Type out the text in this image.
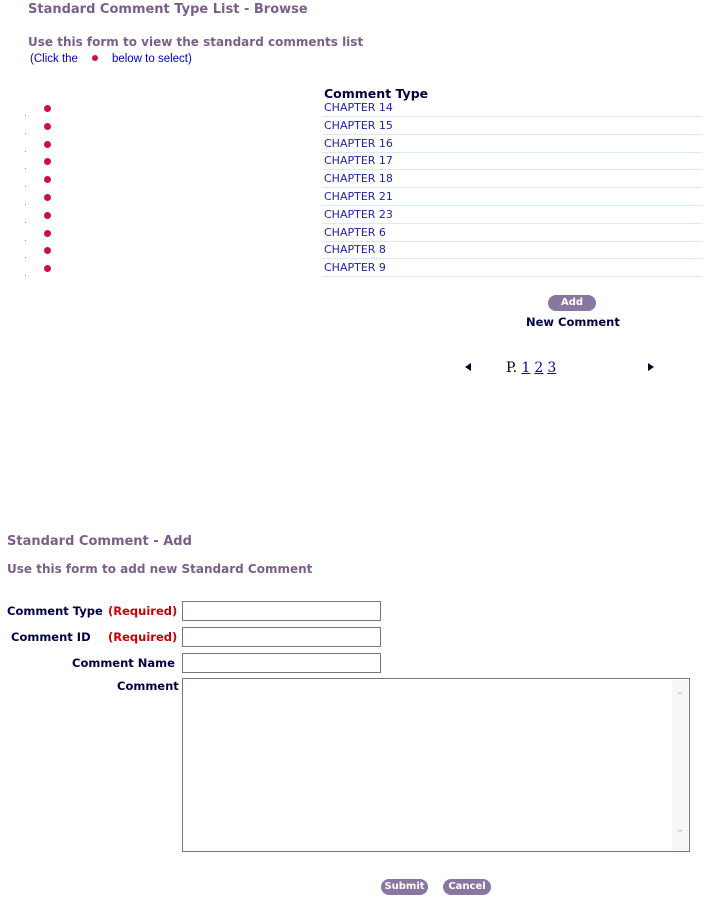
Standard Comment Type List - Browse
Use this form to view the standard comments list
(Click the	below to select)
Comment Type
CHAPTER 14
CHAPTER 15
CHAPTER 16
CHAPTER 17
CHAPTER 18
CHAPTER 21
CHAPTER 23
CHAPTER 6
CHAPTER 8
CHAPTER 9
Add
New Comment
P. 1 2 3
Standard Comment - Add
Use this form to add new Standard Comment
Comment Type (Required)
Comment ID (Required)
Comment Name
Comment
⌃
⌄
Submit	Cancel
